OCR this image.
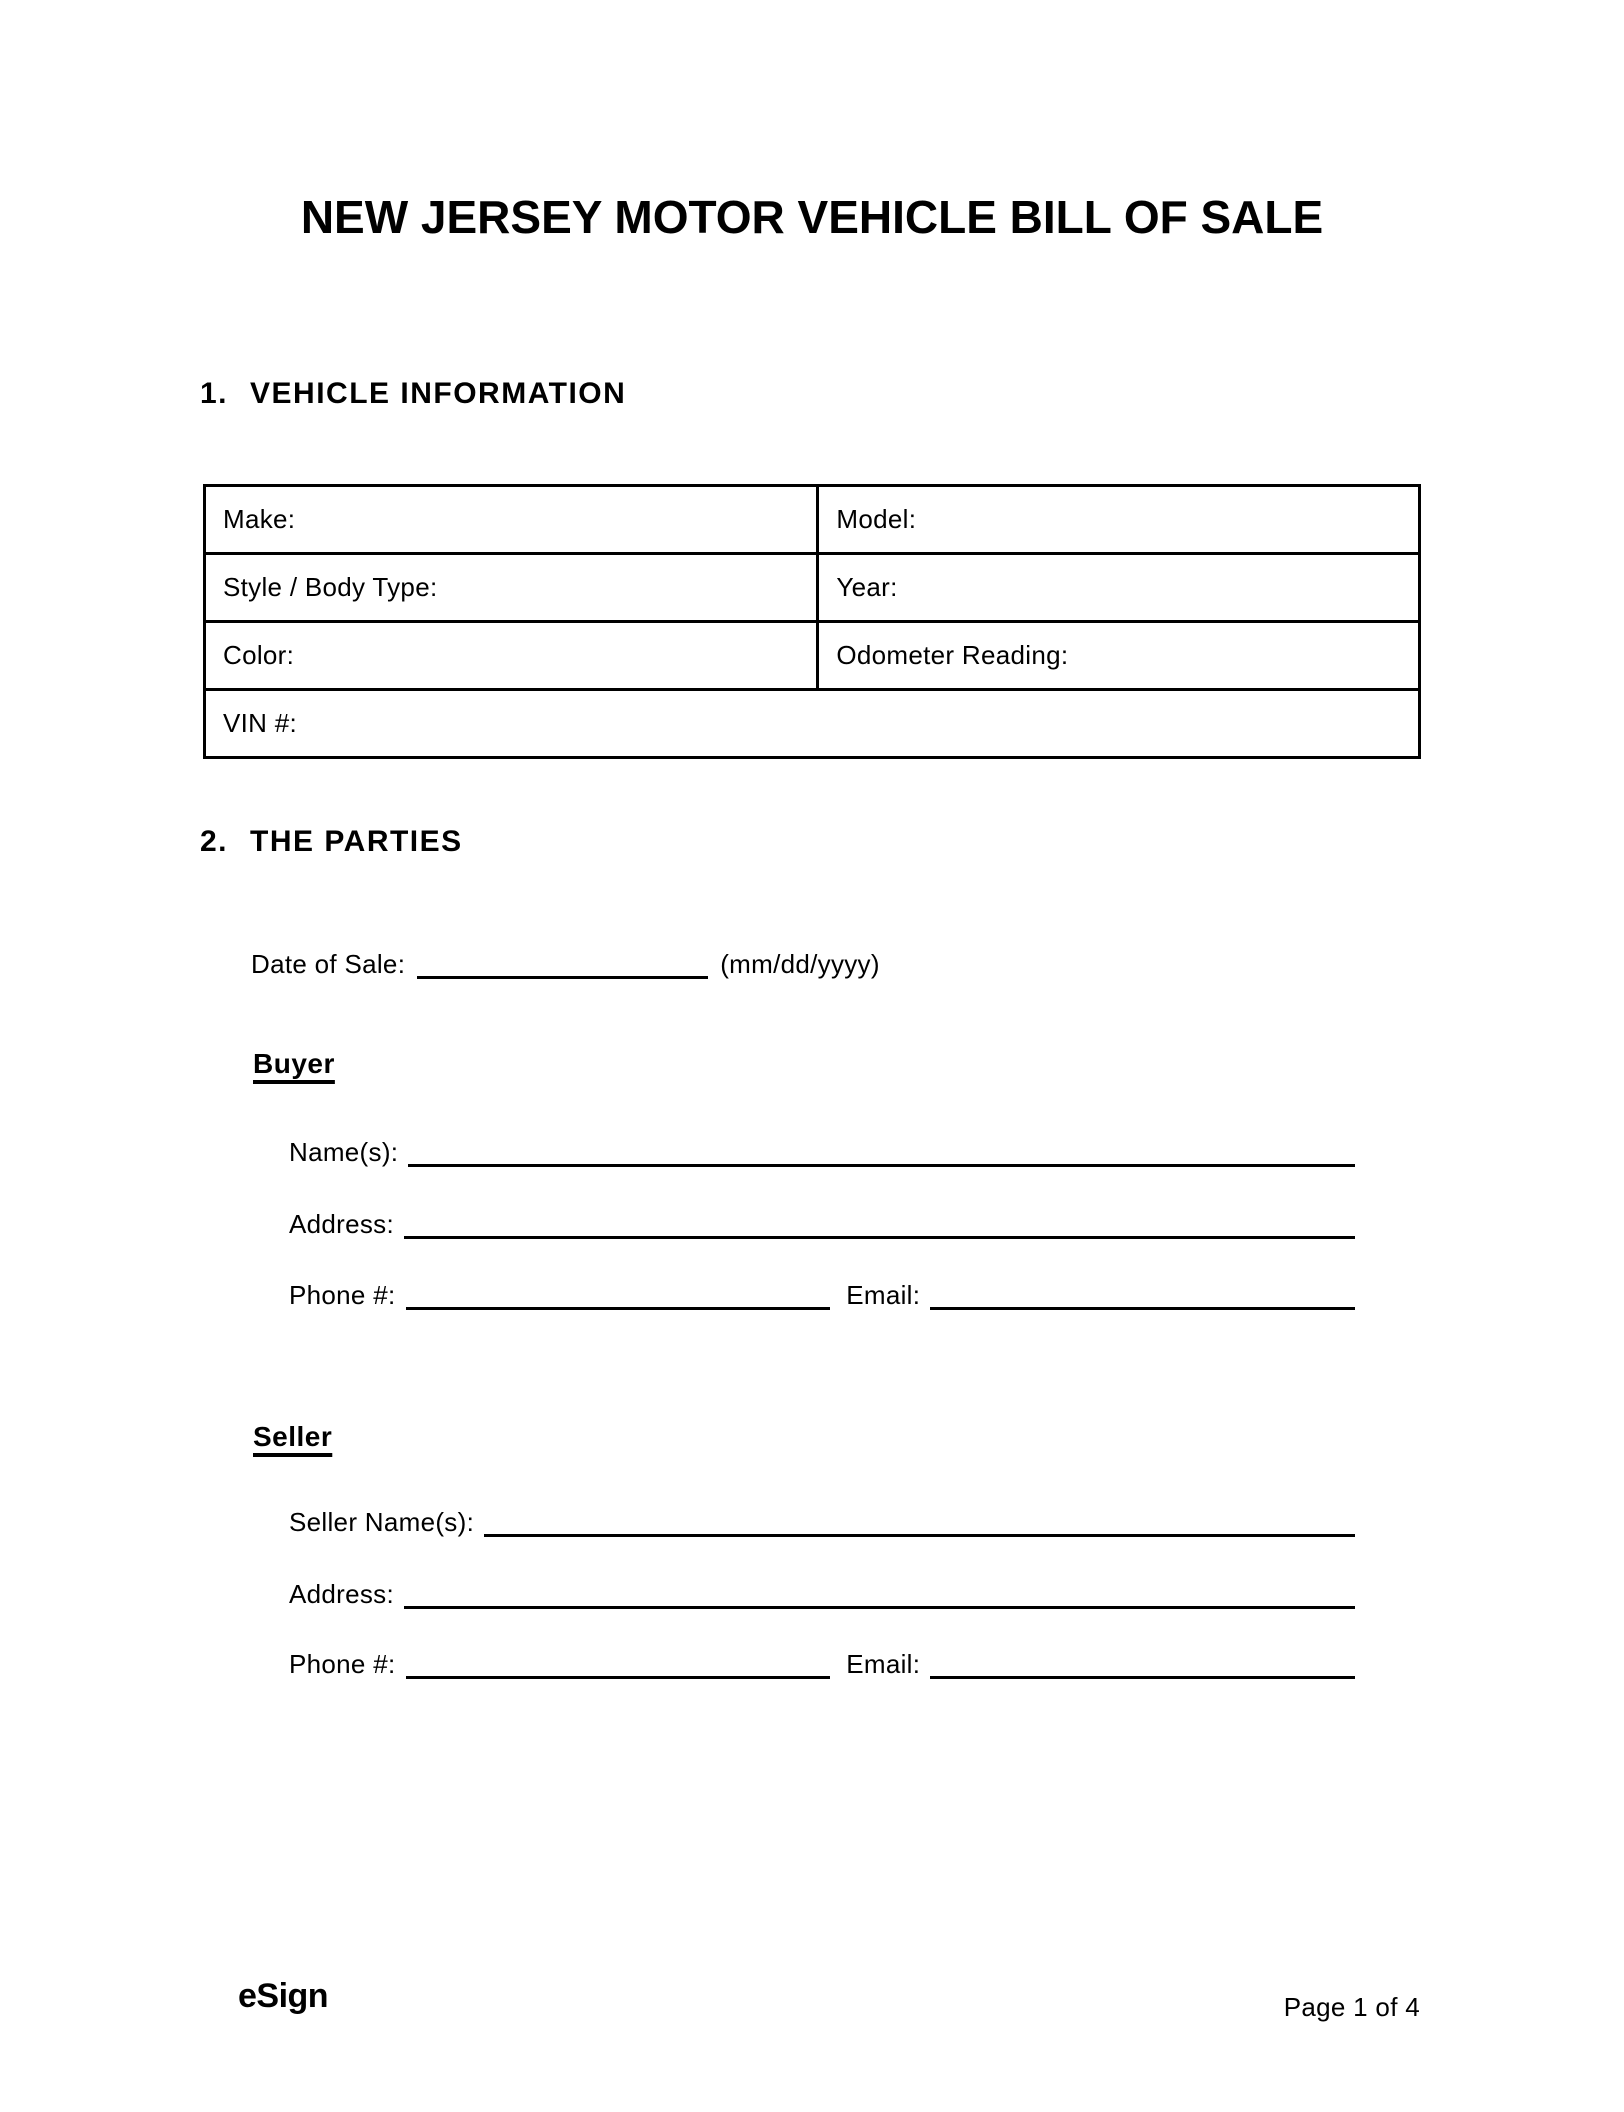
NEW JERSEY MOTOR VEHICLE BILL OF SALE
1. VEHICLE INFORMATION
Make:	Model:
Style / Body Type:	Year:
Color:	Odometer Reading:
VIN #:	
2. THE PARTIES
Date of Sale:	(mm/dd/yyyy)
Buyer
Name(s):
Address:
Phone #:	Email:
Seller
Seller Name(s):
Address:
Phone #:	Email:
eSign	Page 1 of 4
